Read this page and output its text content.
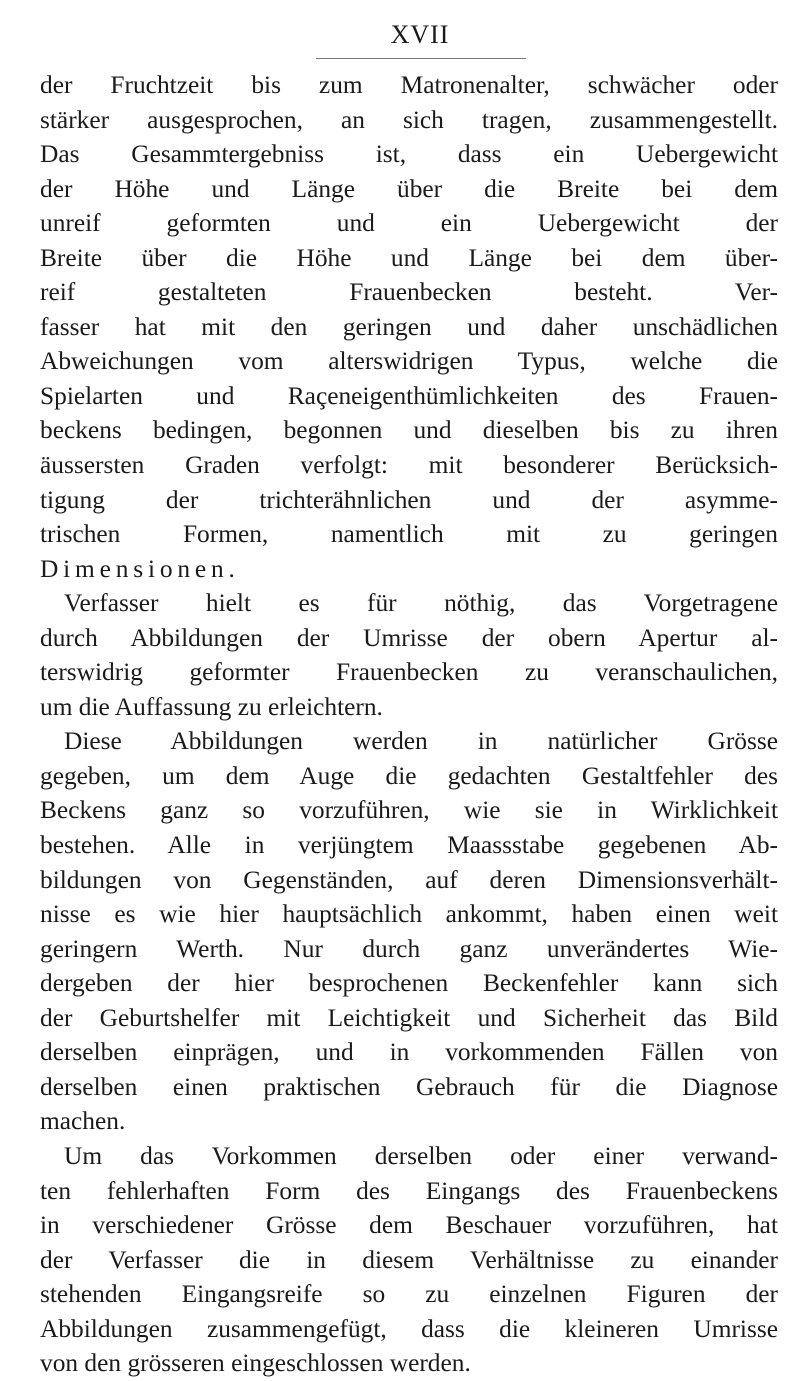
XVII
der Fruchtzeit bis zum Matronenalter, schwächer oder
stärker ausgesprochen, an sich tragen, zusammengestellt.
Das Gesammtergebniss ist, dass ein Uebergewicht
der Höhe und Länge über die Breite bei dem
unreif geformten und ein Uebergewicht der
Breite über die Höhe und Länge bei dem über-
reif gestalteten Frauenbecken besteht. Ver-
fasser hat mit den geringen und daher unschädlichen
Abweichungen vom alterswidrigen Typus, welche die
Spielarten und Raçeneigenthümlichkeiten des Frauen-
beckens bedingen, begonnen und dieselben bis zu ihren
äussersten Graden verfolgt: mit besonderer Berücksich-
tigung der trichterähnlichen und der asymme-
trischen Formen, namentlich mit zu geringen
Dimensionen.
Verfasser hielt es für nöthig, das Vorgetragene
durch Abbildungen der Umrisse der obern Apertur al-
terswidrig geformter Frauenbecken zu veranschaulichen,
um die Auffassung zu erleichtern.
Diese Abbildungen werden in natürlicher Grösse
gegeben, um dem Auge die gedachten Gestaltfehler des
Beckens ganz so vorzuführen, wie sie in Wirklichkeit
bestehen. Alle in verjüngtem Maassstabe gegebenen Ab-
bildungen von Gegenständen, auf deren Dimensionsverhält-
nisse es wie hier hauptsächlich ankommt, haben einen weit
geringern Werth. Nur durch ganz unverändertes Wie-
dergeben der hier besprochenen Beckenfehler kann sich
der Geburtshelfer mit Leichtigkeit und Sicherheit das Bild
derselben einprägen, und in vorkommenden Fällen von
derselben einen praktischen Gebrauch für die Diagnose
machen.
Um das Vorkommen derselben oder einer verwand-
ten fehlerhaften Form des Eingangs des Frauenbeckens
in verschiedener Grösse dem Beschauer vorzuführen, hat
der Verfasser die in diesem Verhältnisse zu einander
stehenden Eingangsreife so zu einzelnen Figuren der
Abbildungen zusammengefügt, dass die kleineren Umrisse
von den grösseren eingeschlossen werden.
